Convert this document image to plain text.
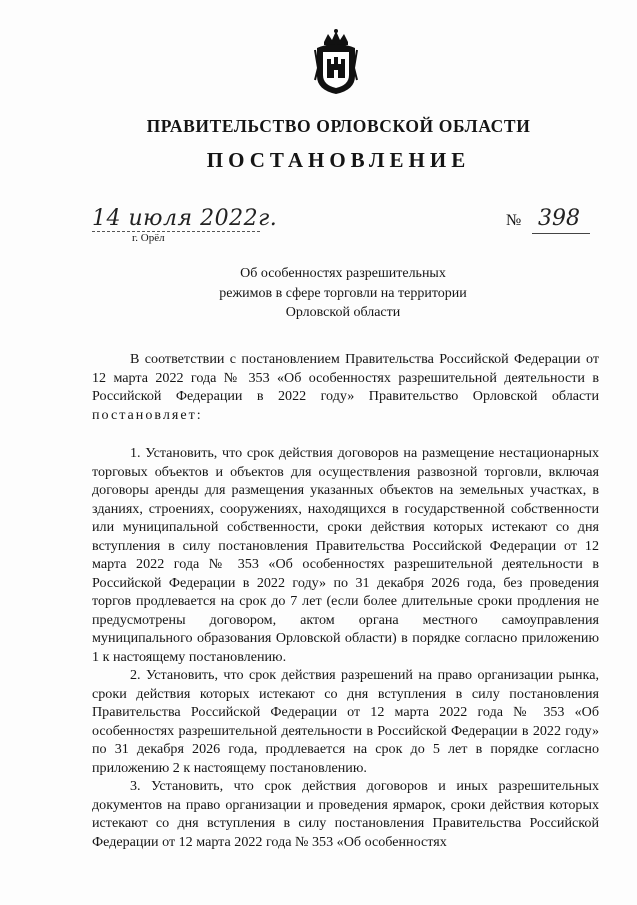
ПРАВИТЕЛЬСТВО ОРЛОВСКОЙ ОБЛАСТИ
ПОСТАНОВЛЕНИЕ
14 июля 2022г.
г. Орёл
№ 398
Об особенностях разрешительных
режимов в сфере торговли на территории
Орловской области

В соответствии с постановлением Правительства Российской Федерации от 12 марта 2022 года № 353 «Об особенностях разрешительной деятельности в Российской Федерации в 2022 году» Правительство Орловской области постановляет:

1. Установить, что срок действия договоров на размещение нестационарных торговых объектов и объектов для осуществления развозной торговли, включая договоры аренды для размещения указанных объектов на земельных участках, в зданиях, строениях, сооружениях, находящихся в государственной собственности или муниципальной собственности, сроки действия которых истекают со дня вступления в силу постановления Правительства Российской Федерации от 12 марта 2022 года № 353 «Об особенностях разрешительной деятельности в Российской Федерации в 2022 году» по 31 декабря 2026 года, без проведения торгов продлевается на срок до 7 лет (если более длительные сроки продления не предусмотрены договором, актом органа местного самоуправления муниципального образования Орловской области) в порядке согласно приложению 1 к настоящему постановлению.

2. Установить, что срок действия разрешений на право организации рынка, сроки действия которых истекают со дня вступления в силу постановления Правительства Российской Федерации от 12 марта 2022 года № 353 «Об особенностях разрешительной деятельности в Российской Федерации в 2022 году» по 31 декабря 2026 года, продлевается на срок до 5 лет в порядке согласно приложению 2 к настоящему постановлению.

3. Установить, что срок действия договоров и иных разрешительных документов на право организации и проведения ярмарок, сроки действия которых истекают со дня вступления в силу постановления Правительства Российской Федерации от 12 марта 2022 года № 353 «Об особенностях
